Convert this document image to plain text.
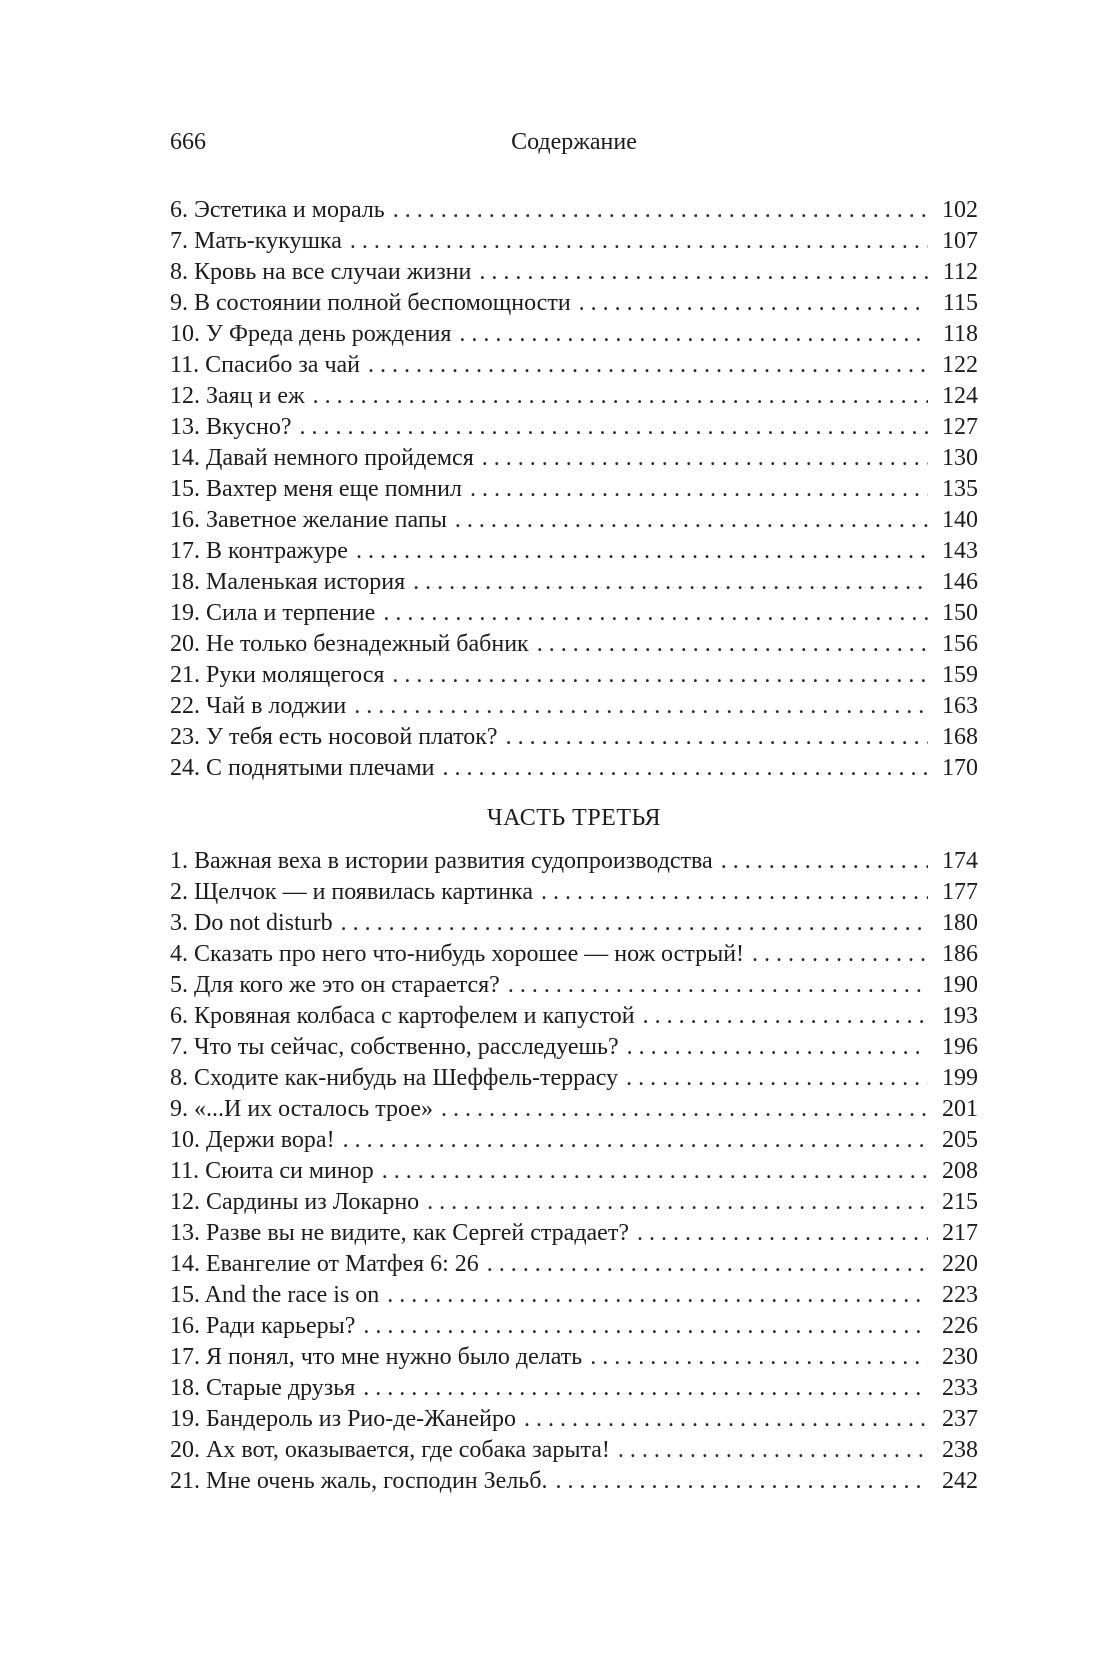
666	Содержание
6. Эстетика и мораль . . .	102
7. Мать-кукушка . . .	107
8. Кровь на все случаи жизни . . .	112
9. В состоянии полной беспомощности . . .	115
10. У Фреда день рождения . . .	118
11. Спасибо за чай . . .	122
12. Заяц и еж . . .	124
13. Вкусно? . . .	127
14. Давай немного пройдемся . . .	130
15. Вахтер меня еще помнил . . .	135
16. Заветное желание папы . . .	140
17. В контражуре . . .	143
18. Маленькая история . . .	146
19. Сила и терпение . . .	150
20. Не только безнадежный бабник . . .	156
21. Руки молящегося . . .	159
22. Чай в лоджии . . .	163
23. У тебя есть носовой платок? . . .	168
24. С поднятыми плечами . . .	170
ЧАСТЬ ТРЕТЬЯ
1. Важная веха в истории развития судопроизводства . . .	174
2. Щелчок — и появилась картинка . . .	177
3. Do not disturb . . .	180
4. Сказать про него что-нибудь хорошее — нож острый! . . .	186
5. Для кого же это он старается? . . .	190
6. Кровяная колбаса с картофелем и капустой . . .	193
7. Что ты сейчас, собственно, расследуешь? . . .	196
8. Сходите как-нибудь на Шеффель-террасу . . .	199
9. «...И их осталось трое» . . .	201
10. Держи вора! . . .	205
11. Сюита си минор . . .	208
12. Сардины из Локарно . . .	215
13. Разве вы не видите, как Сергей страдает? . . .	217
14. Евангелие от Матфея 6: 26 . . .	220
15. And the race is on . . .	223
16. Ради карьеры? . . .	226
17. Я понял, что мне нужно было делать . . .	230
18. Старые друзья . . .	233
19. Бандероль из Рио-де-Жанейро . . .	237
20. Ах вот, оказывается, где собака зарыта! . . .	238
21. Мне очень жаль, господин Зельб. . . .	242
